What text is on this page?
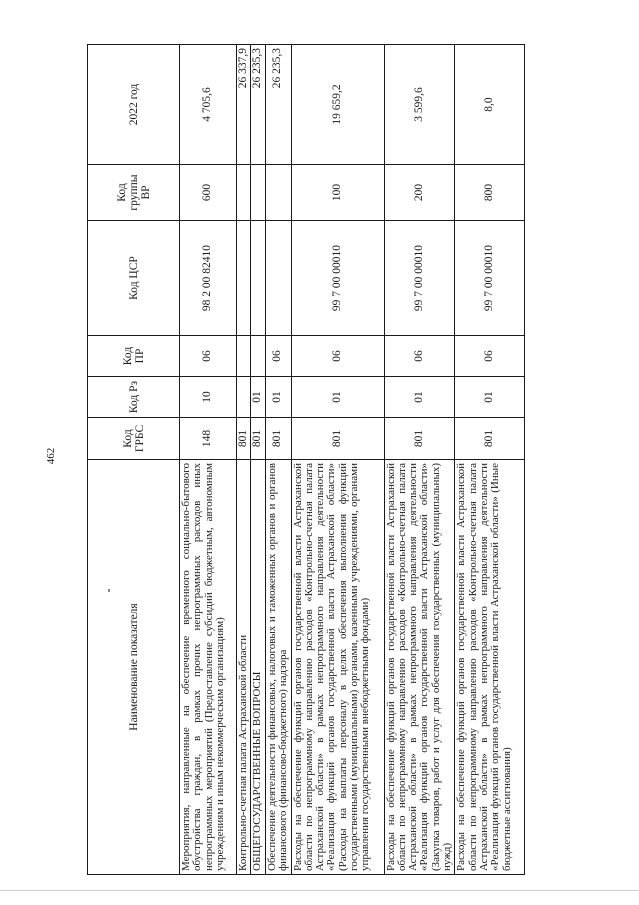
462
Наименование показателя	Код ГРБС	Код Рз	Код ПР	Код ЦСР	Код группы ВР	2022 год
Мероприятия, направленные на обеспечение временного социально-бытового обустройства граждан, в рамках прочих непрограммных расходов иных непрограммных мероприятий (Предоставление субсидий бюджетным, автономным учреждениям и иным некоммерческим организациям)	148	10	06	98 2 00 82410	600	4 705,6
Контрольно-счетная палата Астраханской области	801					26 337,9
ОБЩЕГОСУДАРСТВЕННЫЕ ВОПРОСЫ	801	01				26 235,3
Обеспечение деятельности финансовых, налоговых и таможенных органов и органов финансового (финансово-бюджетного) надзора	801	01	06			26 235,3
Расходы на обеспечение функций органов государственной власти Астраханской области по непрограммному направлению расходов «Контрольно-счетная палата Астраханской области» в рамках непрограммного направления деятельности «Реализация функций органов государственной власти Астраханской области» (Расходы на выплаты персоналу в целях обеспечения выполнения функций государственными (муниципальными) органами, казенными учреждениями, органами управления государственными внебюджетными фондами)	801	01	06	99 7 00 00010	100	19 659,2
Расходы на обеспечение функций органов государственной власти Астраханской области по непрограммному направлению расходов «Контрольно-счетная палата Астраханской области» в рамках непрограммного направления деятельности «Реализация функций органов государственной власти Астраханской области» (Закупка товаров, работ и услуг для обеспечения государственных (муниципальных) нужд)	801	01	06	99 7 00 00010	200	3 599,6
Расходы на обеспечение функций органов государственной власти Астраханской области по непрограммному направлению расходов «Контрольно-счетная палата Астраханской области» в рамках непрограммного направления деятельности «Реализация функций органов государственной власти Астраханской области» (Иные бюджетные ассигнования)	801	01	06	99 7 00 00010	800	8,0
